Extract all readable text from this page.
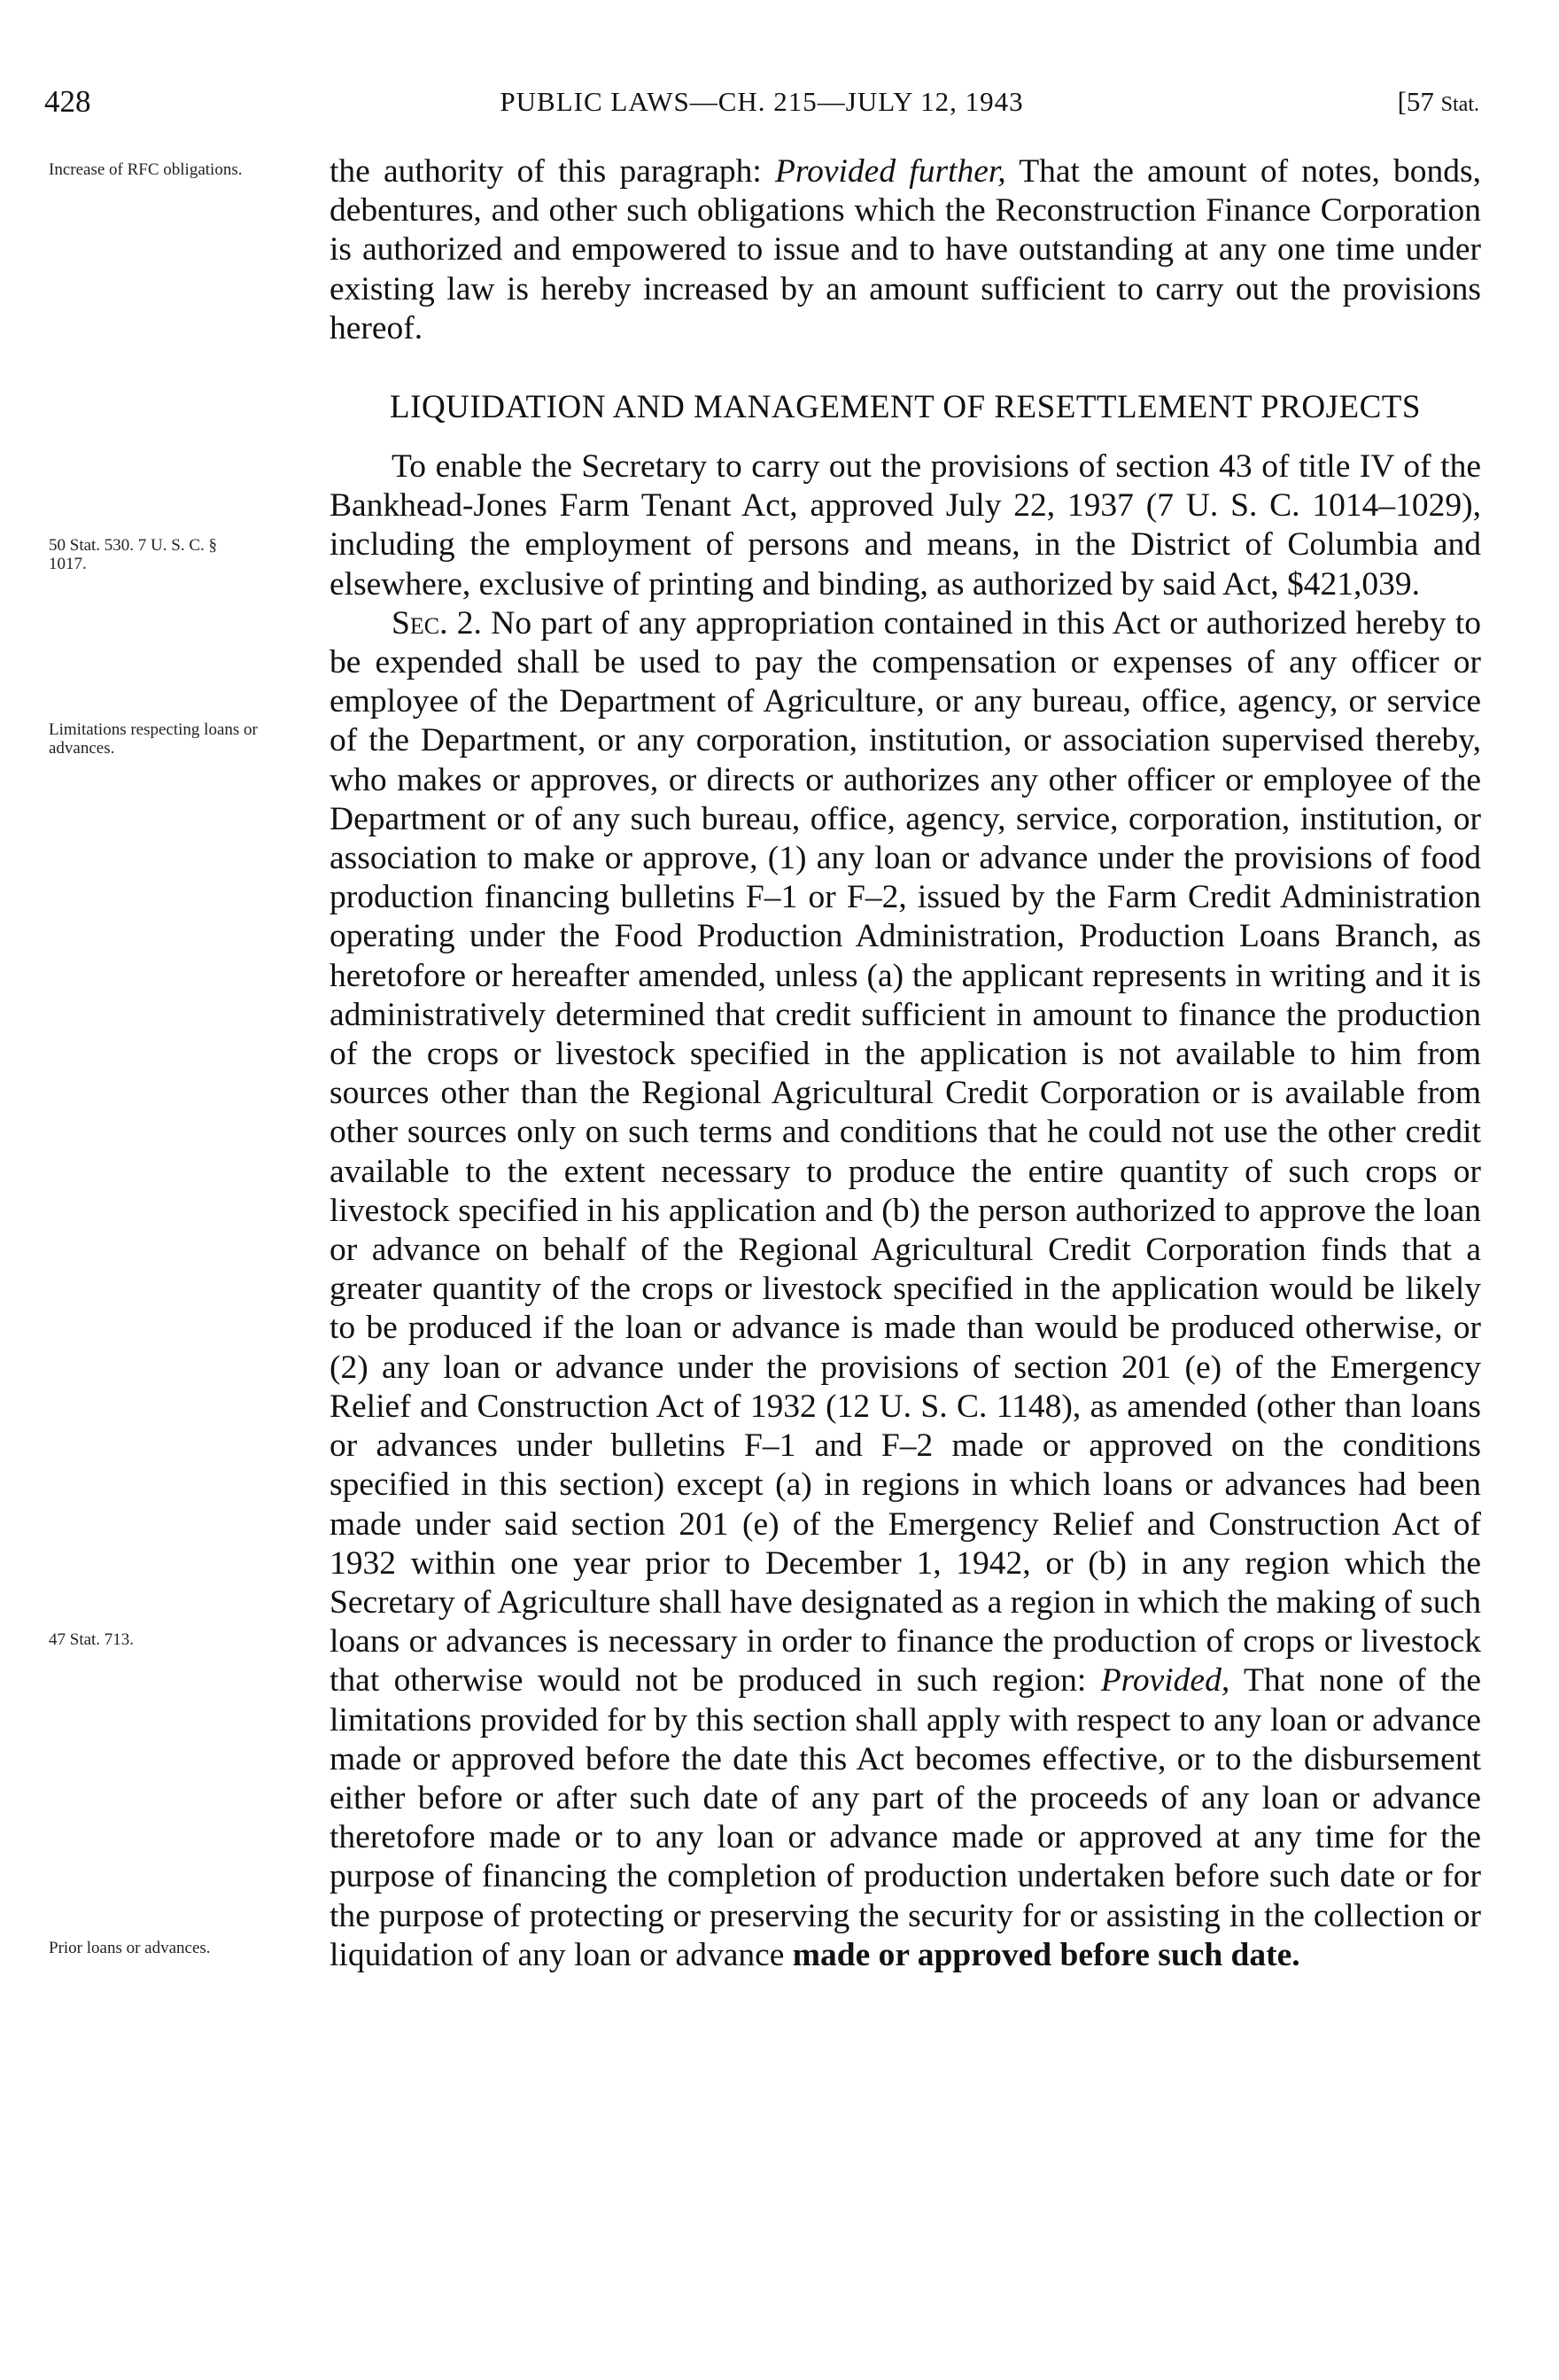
428	PUBLIC LAWS—CH. 215—JULY 12, 1943	[57 Stat.
Increase of RFC obligations.
50 Stat. 530. 7 U. S. C. § 1017.
Limitations respecting loans or advances.
47 Stat. 713.
Prior loans or advances.

the authority of this paragraph: Provided further, That the amount of notes, bonds, debentures, and other such obligations which the Reconstruction Finance Corporation is authorized and empowered to issue and to have outstanding at any one time under existing law is hereby increased by an amount sufficient to carry out the provisions hereof.

LIQUIDATION AND MANAGEMENT OF RESETTLEMENT PROJECTS

To enable the Secretary to carry out the provisions of section 43 of title IV of the Bankhead-Jones Farm Tenant Act, approved July 22, 1937 (7 U. S. C. 1014–1029), including the employment of persons and means, in the District of Columbia and elsewhere, exclusive of printing and binding, as authorized by said Act, $421,039.

Sec. 2. No part of any appropriation contained in this Act or authorized hereby to be expended shall be used to pay the compensation or expenses of any officer or employee of the Department of Agriculture, or any bureau, office, agency, or service of the Department, or any corporation, institution, or association supervised thereby, who makes or approves, or directs or authorizes any other officer or employee of the Department or of any such bureau, office, agency, service, corporation, institution, or association to make or approve, (1) any loan or advance under the provisions of food production financing bulletins F–1 or F–2, issued by the Farm Credit Administration operating under the Food Production Administration, Production Loans Branch, as heretofore or hereafter amended, unless (a) the applicant represents in writing and it is administratively determined that credit sufficient in amount to finance the production of the crops or livestock specified in the application is not available to him from sources other than the Regional Agricultural Credit Corporation or is available from other sources only on such terms and conditions that he could not use the other credit available to the extent necessary to produce the entire quantity of such crops or livestock specified in his application and (b) the person authorized to approve the loan or advance on behalf of the Regional Agricultural Credit Corporation finds that a greater quantity of the crops or livestock specified in the application would be likely to be produced if the loan or advance is made than would be produced otherwise, or (2) any loan or advance under the provisions of section 201 (e) of the Emergency Relief and Construction Act of 1932 (12 U. S. C. 1148), as amended (other than loans or advances under bulletins F–1 and F–2 made or approved on the conditions specified in this section) except (a) in regions in which loans or advances had been made under said section 201 (e) of the Emergency Relief and Construction Act of 1932 within one year prior to December 1, 1942, or (b) in any region which the Secretary of Agriculture shall have designated as a region in which the making of such loans or advances is necessary in order to finance the production of crops or livestock that otherwise would not be produced in such region: Provided, That none of the limitations provided for by this section shall apply with respect to any loan or advance made or approved before the date this Act becomes effective, or to the disbursement either before or after such date of any part of the proceeds of any loan or advance theretofore made or to any loan or advance made or approved at any time for the purpose of financing the completion of production undertaken before such date or for the purpose of protecting or preserving the security for or assisting in the collection or liquidation of any loan or advance made or approved before such date.
